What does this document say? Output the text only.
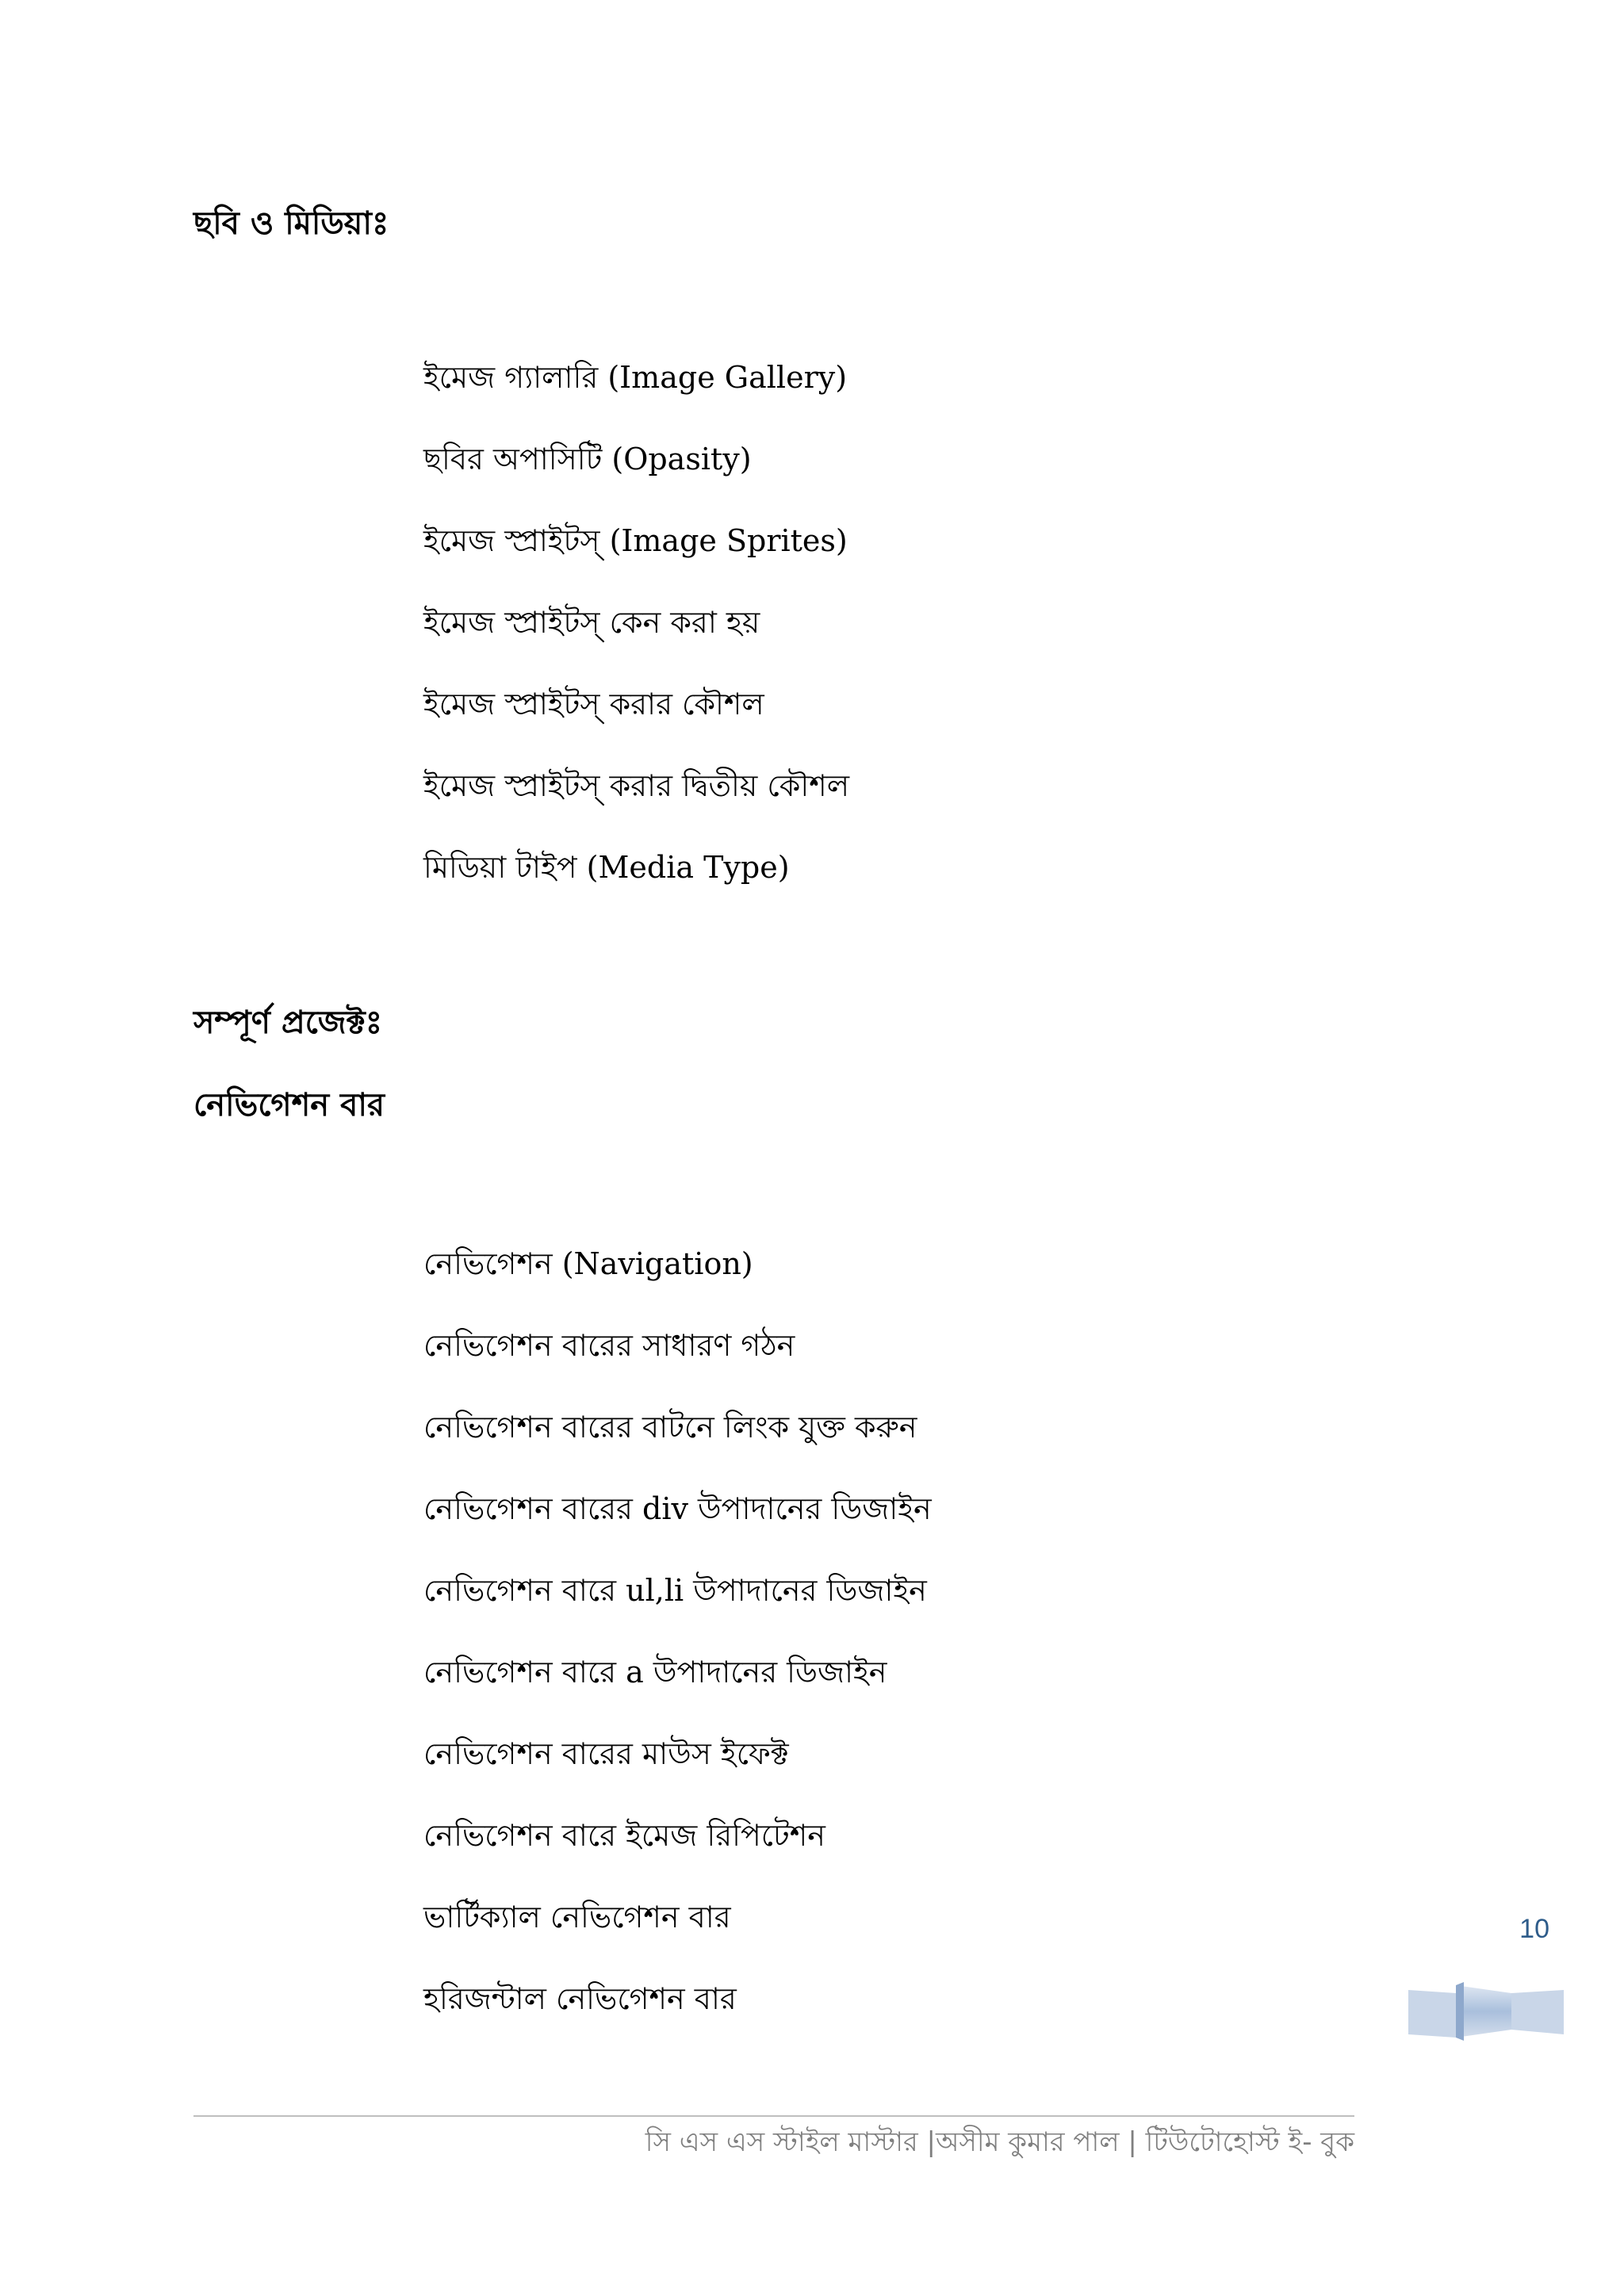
ছবি ও মিডিয়াঃ
ইমেজ গ্যালারি (Image Gallery)
ছবির অপাসিটি (Opasity)
ইমেজ স্প্রাইটস্ (Image Sprites)
ইমেজ স্প্রাইটস্ কেন করা হয়
ইমেজ স্প্রাইটস্ করার কৌশল
ইমেজ স্প্রাইটস্ করার দ্বিতীয় কৌশল
মিডিয়া টাইপ (Media Type)
সম্পূর্ণ প্রজেক্টঃ
নেভিগেশন বার
নেভিগেশন (Navigation)
নেভিগেশন বারের সাধারণ গঠন
নেভিগেশন বারের বাটনে লিংক যুক্ত করুন
নেভিগেশন বারের div উপাদানের ডিজাইন
নেভিগেশন বারে ul,li উপাদানের ডিজাইন
নেভিগেশন বারে a উপাদানের ডিজাইন
নেভিগেশন বারের মাউস ইফেক্ট
নেভিগেশন বারে ইমেজ রিপিটেশন
ভার্টিক্যাল নেভিগেশন বার
হরিজন্টাল নেভিগেশন বার
10
সি এস এস স্টাইল মাস্টার |অসীম কুমার পাল | টিউটোহোস্ট ই- বুক
